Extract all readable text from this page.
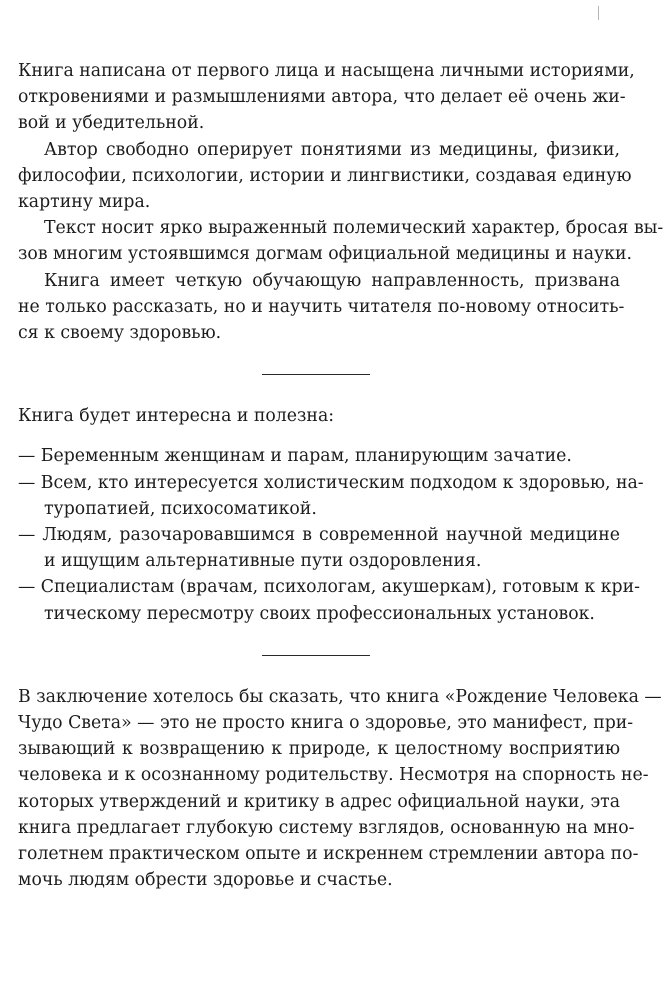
Книга написана от первого лица и насыщена личными историями,
откровениями и размышлениями автора, что делает её очень жи-
вой и убедительной.
Автор свободно оперирует понятиями из медицины, физики,
философии, психологии, истории и лингвистики, создавая единую
картину мира.
Текст носит ярко выраженный полемический характер, бросая вы-
зов многим устоявшимся догмам официальной медицины и науки.
Книга имеет четкую обучающую направленность, призвана
не только рассказать, но и научить читателя по-новому относить-
ся к своему здоровью.
Книга будет интересна и полезна:
— Беременным женщинам и парам, планирующим зачатие.
— Всем, кто интересуется холистическим подходом к здоровью, на-
туропатией, психосоматикой.
— Людям, разочаровавшимся в современной научной медицине
и ищущим альтернативные пути оздоровления.
— Специалистам (врачам, психологам, акушеркам), готовым к кри-
тическому пересмотру своих профессиональных установок.
В заключение хотелось бы сказать, что книга «Рождение Человека —
Чудо Света» — это не просто книга о здоровье, это манифест, при-
зывающий к возвращению к природе, к целостному восприятию
человека и к осознанному родительству. Несмотря на спорность не-
которых утверждений и критику в адрес официальной науки, эта
книга предлагает глубокую систему взглядов, основанную на мно-
голетнем практическом опыте и искреннем стремлении автора по-
мочь людям обрести здоровье и счастье.
